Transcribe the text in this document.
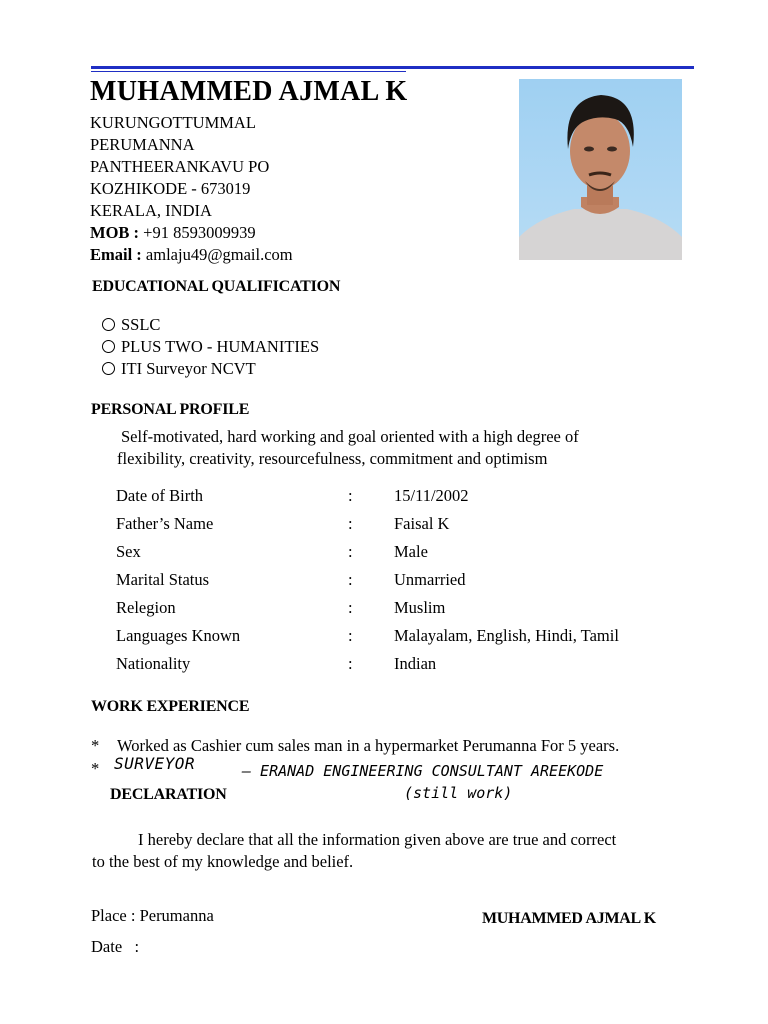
MUHAMMED AJMAL K
KURUNGOTTUMMAL
PERUMANNA
PANTHEERANKAVU PO
KOZHIKODE - 673019
KERALA, INDIA
MOB : +91 8593009939
Email : amlaju49@gmail.com
EDUCATIONAL QUALIFICATION
SSLC
PLUS TWO - HUMANITIES
ITI Surveyor NCVT
PERSONAL PROFILE
Self-motivated, hard working and goal oriented with a high degree of
flexibility, creativity, resourcefulness, commitment and optimism
Date of Birth	:	15/11/2002
Father’s Name	:	Faisal K
Sex	:	Male
Marital Status	:	Unmarried
Relegion	:	Muslim
Languages Known	:	Malayalam, English, Hindi, Tamil
Nationality	:	Indian
WORK EXPERIENCE
* Worked as Cashier cum sales man in a hypermarket Perumanna For 5 years.
* SURVEYOR	– ERANAD ENGINEERING CONSULTANT AREEKODE
(still work)
DECLARATION
I hereby declare that all the information given above are true and correct
to the best of my knowledge and belief.
Place : Perumanna
Date   :
MUHAMMED AJMAL K
